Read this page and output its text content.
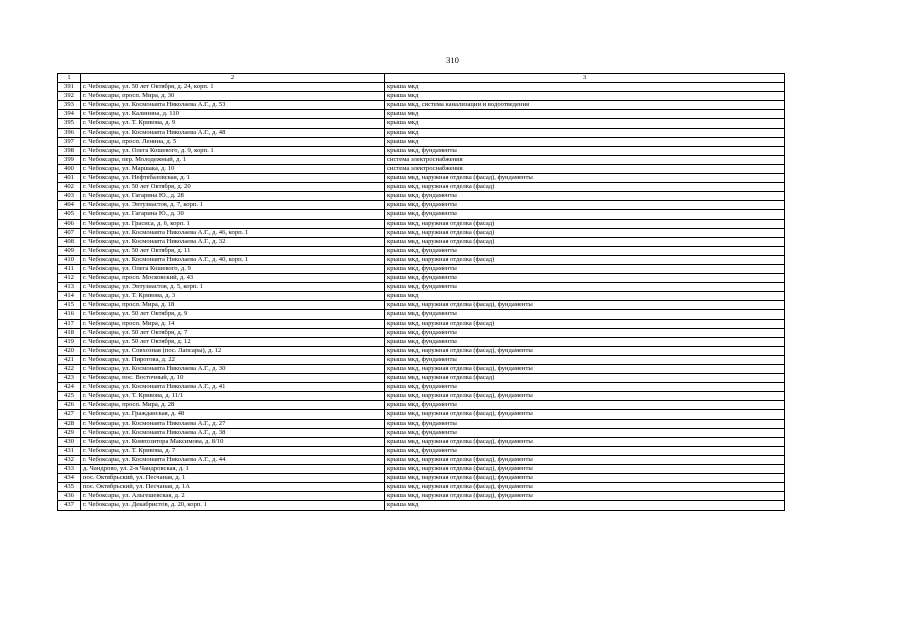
310
1	2	3
391	г. Чебоксары, ул. 50 лет Октября, д. 24, корп. 1	крыша мкд
392	г. Чебоксары, просп. Мира, д. 30	крыша мкд
393	г. Чебоксары, ул. Космонавта Николаева А.Г., д. 53	крыша мкд, система канализации и водоотведения
394	г. Чебоксары, ул. Калинина, д. 110	крыша мкд
395	г. Чебоксары, ул. Т. Кривова, д. 9	крыша мкд
396	г. Чебоксары, ул. Космонавта Николаева А.Г., д. 48	крыша мкд
397	г. Чебоксары, просп. Ленина, д. 5	крыша мкд
398	г. Чебоксары, ул. Олега Кошевого, д. 9, корп. 1	крыша мкд, фундаменты
399	г. Чебоксары, пер. Молодежный, д. 1	система электроснабжения
400	г. Чебоксары, ул. Маршака, д. 10	система электроснабжения
401	г. Чебоксары, ул. Нефтебазовская, д. 1	крыша мкд, наружная отделка (фасад), фундаменты
402	г. Чебоксары, ул. 50 лет Октября, д. 20	крыша мкд, наружная отделка (фасад)
403	г. Чебоксары, ул. Гагарина Ю., д. 28	крыша мкд, фундаменты
404	г. Чебоксары, ул. Энтузиастов, д. 7, корп. 1	крыша мкд, фундаменты
405	г. Чебоксары, ул. Гагарина Ю., д. 30	крыша мкд, фундаменты
406	г. Чебоксары, ул. Грасиса, д. 6, корп. 1	крыша мкд, наружная отделка (фасад)
407	г. Чебоксары, ул. Космонавта Николаева А.Г., д. 46, корп. 1	крыша мкд, наружная отделка (фасад)
408	г. Чебоксары, ул. Космонавта Николаева А.Г., д. 32	крыша мкд, наружная отделка (фасад)
409	г. Чебоксары, ул. 50 лет Октября, д. 11	крыша мкд, фундаменты
410	г. Чебоксары, ул. Космонавта Николаева А.Г., д. 40, корп. 1	крыша мкд, наружная отделка (фасад)
411	г. Чебоксары, ул. Олега Кошевого, д. 9	крыша мкд, фундаменты
412	г. Чебоксары, просп. Московский, д. 43	крыша мкд, фундаменты
413	г. Чебоксары, ул. Энтузиастов, д. 5, корп. 1	крыша мкд, фундаменты
414	г. Чебоксары, ул. Т. Кривова, д. 3	крыша мкд
415	г. Чебоксары, просп. Мира, д. 18	крыша мкд, наружная отделка (фасад), фундаменты
416	г. Чебоксары, ул. 50 лет Октября, д. 9	крыша мкд, фундаменты
417	г. Чебоксары, просп. Мира, д. 14	крыша мкд, наружная отделка (фасад)
418	г. Чебоксары, ул. 50 лет Октября, д. 7	крыша мкд, фундаменты
419	г. Чебоксары, ул. 50 лет Октября, д. 12	крыша мкд, фундаменты
420	г. Чебоксары, ул. Совхозная (пос. Лапсары), д. 12	крыша мкд, наружная отделка (фасад), фундаменты
421	г. Чебоксары, ул. Пирогова, д. 22	крыша мкд, фундаменты
422	г. Чебоксары, ул. Космонавта Николаева А.Г., д. 30	крыша мкд, наружная отделка (фасад), фундаменты
423	г. Чебоксары, пос. Восточный, д. 10	крыша мкд, наружная отделка (фасад)
424	г. Чебоксары, ул. Космонавта Николаева А.Г., д. 41	крыша мкд, фундаменты
425	г. Чебоксары, ул. Т. Кривова, д. 11/1	крыша мкд, наружная отделка (фасад), фундаменты
426	г. Чебоксары, просп. Мира, д. 28	крыша мкд, фундаменты
427	г. Чебоксары, ул. Гражданская, д. 48	крыша мкд, наружная отделка (фасад), фундаменты
428	г. Чебоксары, ул. Космонавта Николаева А.Г., д. 27	крыша мкд, фундаменты
429	г. Чебоксары, ул. Космонавта Николаева А.Г., д. 38	крыша мкд, фундаменты
430	г. Чебоксары, ул. Композитора Максимова, д. 8/10	крыша мкд, наружная отделка (фасад), фундаменты
431	г. Чебоксары, ул. Т. Кривова, д. 7	крыша мкд, фундаменты
432	г. Чебоксары, ул. Космонавта Николаева А.Г., д. 44	крыша мкд, наружная отделка (фасад), фундаменты
433	д. Чандрово, ул. 2-я Чандровская, д. 1	крыша мкд, наружная отделка (фасад), фундаменты
434	пос. Октябрьский, ул. Песчаная, д. 1	крыша мкд, наружная отделка (фасад), фундаменты
435	пос. Октябрьский, ул. Песчаная, д. 1А	крыша мкд, наружная отделка (фасад), фундаменты
436	г. Чебоксары, ул. Альгешевская, д. 2	крыша мкд, наружная отделка (фасад), фундаменты
437	г. Чебоксары, ул. Декабристов, д. 20, корп. 1	крыша мкд
